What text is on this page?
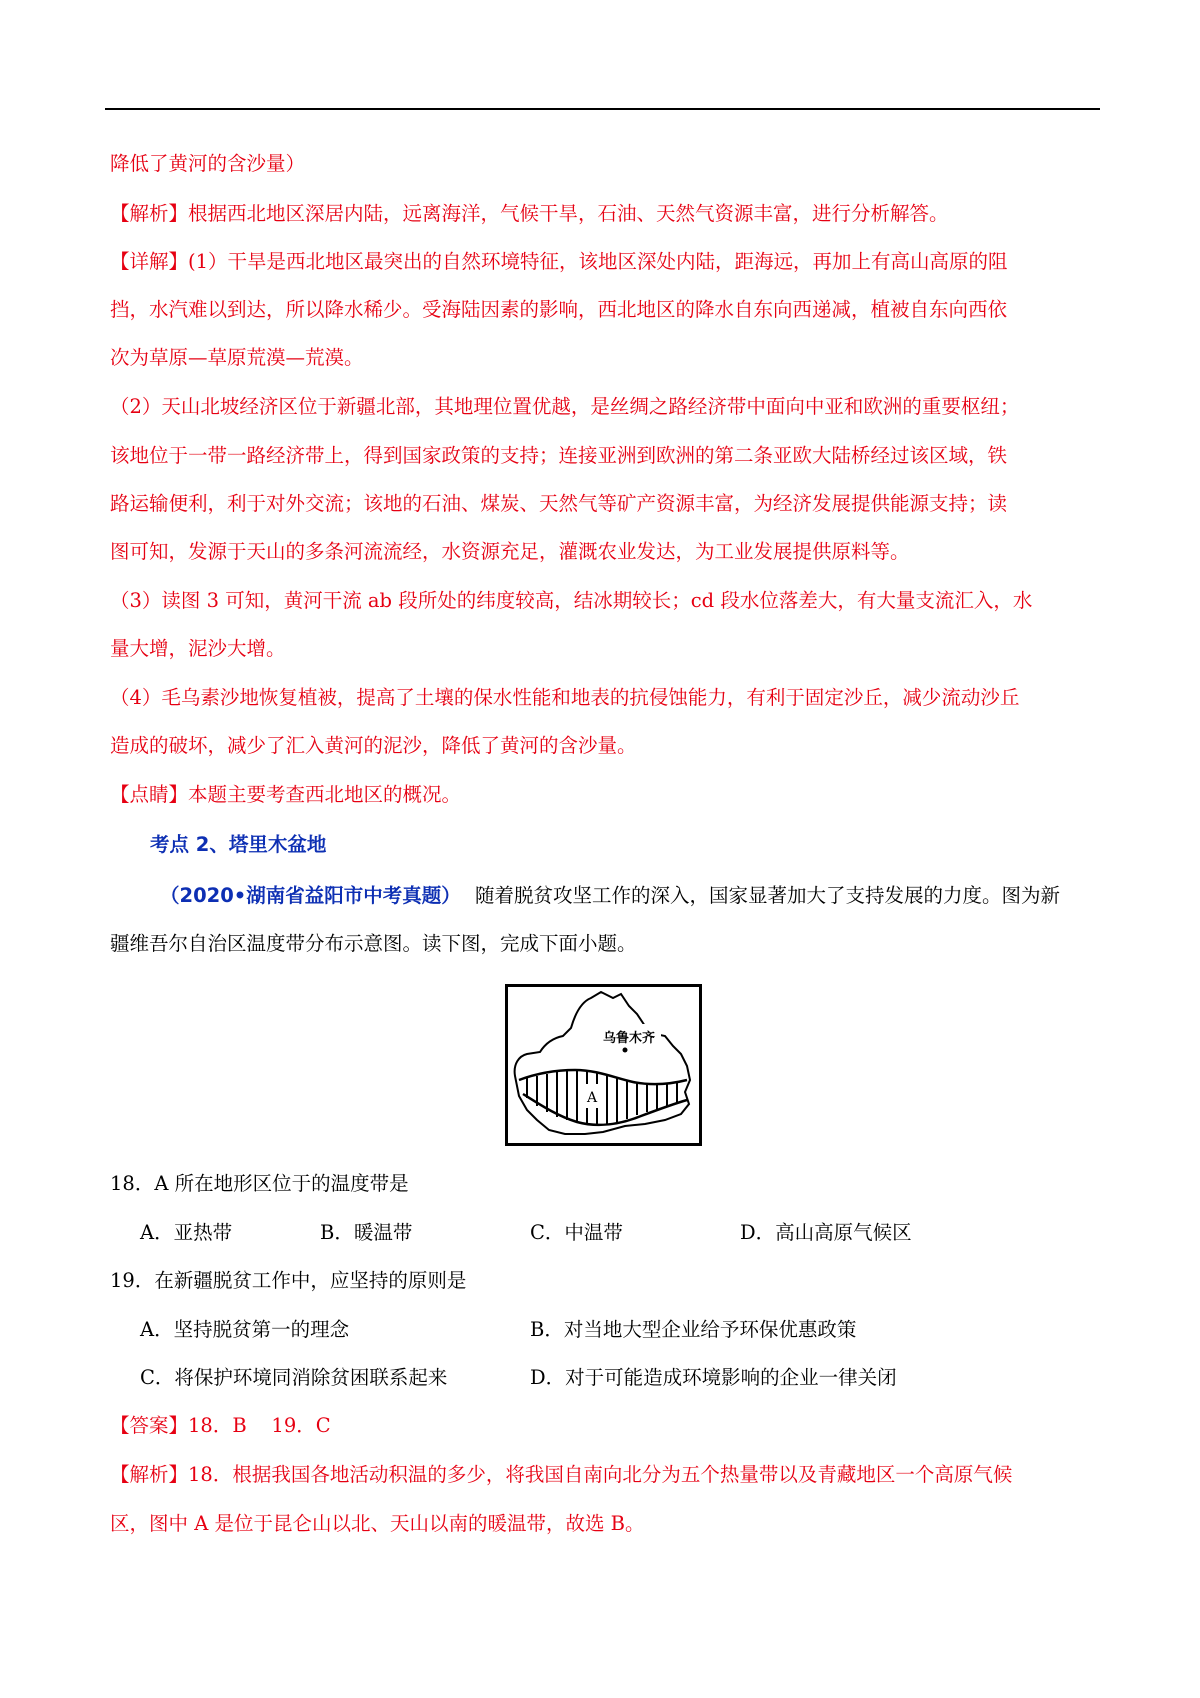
降低了黄河的含沙量）
【解析】根据西北地区深居内陆，远离海洋，气候干旱，石油、天然气资源丰富，进行分析解答。
【详解】(1）干旱是西北地区最突出的自然环境特征，该地区深处内陆，距海远，再加上有高山高原的阻
挡，水汽难以到达，所以降水稀少。受海陆因素的影响，西北地区的降水自东向西递减，植被自东向西依
次为草原—草原荒漠—荒漠。
（2）天山北坡经济区位于新疆北部，其地理位置优越，是丝绸之路经济带中面向中亚和欧洲的重要枢纽；
该地位于一带一路经济带上，得到国家政策的支持；连接亚洲到欧洲的第二条亚欧大陆桥经过该区域，铁
路运输便利，利于对外交流；该地的石油、煤炭、天然气等矿产资源丰富，为经济发展提供能源支持；读
图可知，发源于天山的多条河流流经，水资源充足，灌溉农业发达，为工业发展提供原料等。
（3）读图 3 可知，黄河干流 ab 段所处的纬度较高，结冰期较长；cd 段水位落差大，有大量支流汇入，水
量大增，泥沙大增。
（4）毛乌素沙地恢复植被，提高了土壤的保水性能和地表的抗侵蚀能力，有利于固定沙丘，减少流动沙丘
造成的破坏，减少了汇入黄河的泥沙，降低了黄河的含沙量。
【点睛】本题主要考查西北地区的概况。
考点 2、塔里木盆地
（2020•湖南省益阳市中考真题） 随着脱贫攻坚工作的深入，国家显著加大了支持发展的力度。图为新
疆维吾尔自治区温度带分布示意图。读下图，完成下面小题。
18．A 所在地形区位于的温度带是
A．亚热带	B．暖温带	C．中温带	D．高山高原气候区
19．在新疆脱贫工作中，应坚持的原则是
A．坚持脱贫第一的理念	B．对当地大型企业给予环保优惠政策
C．将保护环境同消除贫困联系起来	D．对于可能造成环境影响的企业一律关闭
【答案】18．B    19．C
【解析】18．根据我国各地活动积温的多少，将我国自南向北分为五个热量带以及青藏地区一个高原气候
区，图中 A 是位于昆仑山以北、天山以南的暖温带，故选 B。
乌鲁木齐
A
